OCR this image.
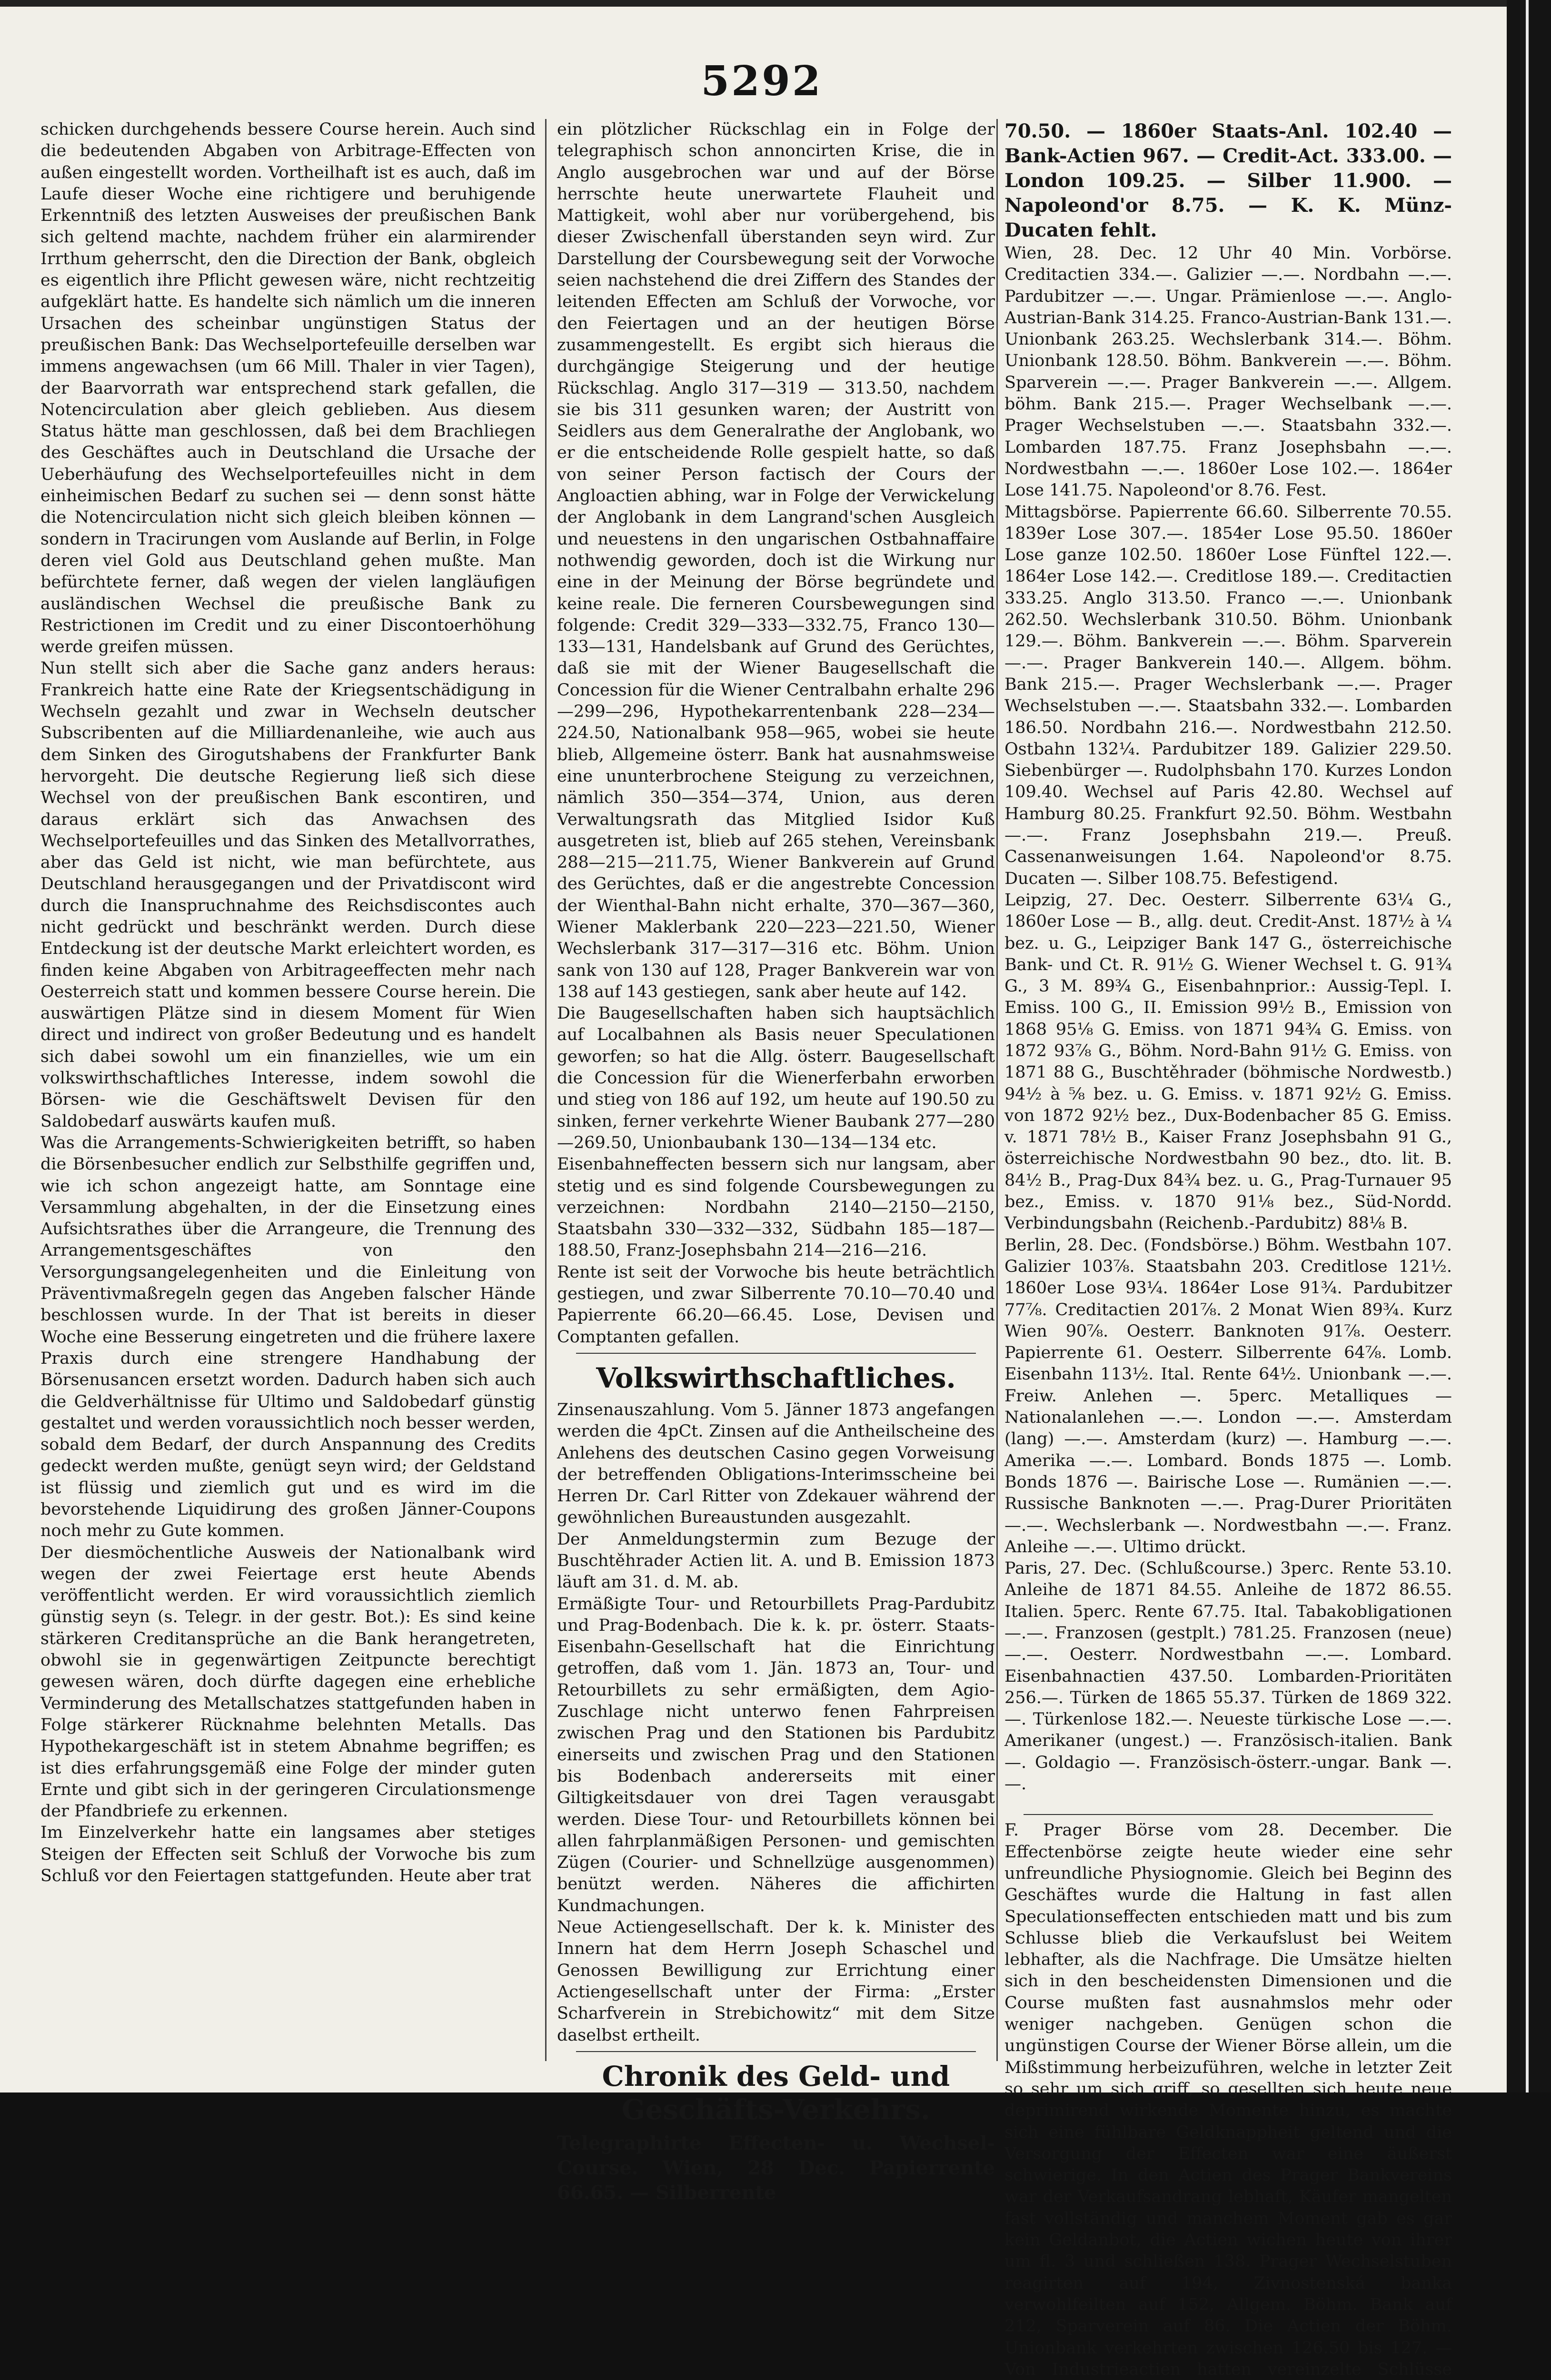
5292

schicken durchgehends bessere Course herein. Auch sind die bedeutenden Abgaben von Arbitrage-Effecten von außen eingestellt worden. Vortheilhaft ist es auch, daß im Laufe dieser Woche eine richtigere und beruhigende Erkenntniß des letzten Ausweises der preußischen Bank sich geltend machte, nachdem früher ein alarmirender Irrthum geherrscht, den die Direction der Bank, obgleich es eigentlich ihre Pflicht gewesen wäre, nicht rechtzeitig aufgeklärt hatte. Es handelte sich nämlich um die inneren Ursachen des scheinbar ungünstigen Status der preußischen Bank: Das Wechselportefeuille derselben war immens angewachsen (um 66 Mill. Thaler in vier Tagen), der Baarvorrath war entsprechend stark gefallen, die Notencirculation aber gleich geblieben. Aus diesem Status hätte man geschlossen, daß bei dem Brachliegen des Geschäftes auch in Deutschland die Ursache der Ueberhäufung des Wechselportefeuilles nicht in dem einheimischen Bedarf zu suchen sei — denn sonst hätte die Notencirculation nicht sich gleich bleiben können — sondern in Tracirungen vom Auslande auf Berlin, in Folge deren viel Gold aus Deutschland gehen mußte. Man befürchtete ferner, daß wegen der vielen langläufigen ausländischen Wechsel die preußische Bank zu Restrictionen im Credit und zu einer Discontoerhöhung werde greifen müssen.

Nun stellt sich aber die Sache ganz anders heraus: Frankreich hatte eine Rate der Kriegsentschädigung in Wechseln gezahlt und zwar in Wechseln deutscher Subscribenten auf die Milliardenanleihe, wie auch aus dem Sinken des Girogutshabens der Frankfurter Bank hervorgeht. Die deutsche Regierung ließ sich diese Wechsel von der preußischen Bank escontiren, und daraus erklärt sich das Anwachsen des Wechselportefeuilles und das Sinken des Metallvorrathes, aber das Geld ist nicht, wie man befürchtete, aus Deutschland herausgegangen und der Privatdiscont wird durch die Inanspruchnahme des Reichsdiscontes auch nicht gedrückt und beschränkt werden. Durch diese Entdeckung ist der deutsche Markt erleichtert worden, es finden keine Abgaben von Arbitrageeffecten mehr nach Oesterreich statt und kommen bessere Course herein. Die auswärtigen Plätze sind in diesem Moment für Wien direct und indirect von großer Bedeutung und es handelt sich dabei sowohl um ein finanzielles, wie um ein volkswirthschaftliches Interesse, indem sowohl die Börsen- wie die Geschäftswelt Devisen für den Saldobedarf auswärts kaufen muß.

Was die Arrangements-Schwierigkeiten betrifft, so haben die Börsenbesucher endlich zur Selbsthilfe gegriffen und, wie ich schon angezeigt hatte, am Sonntage eine Versammlung abgehalten, in der die Einsetzung eines Aufsichtsrathes über die Arrangeure, die Trennung des Arrangementsgeschäftes von den Versorgungsangelegenheiten und die Einleitung von Präventivmaßregeln gegen das Angeben falscher Hände beschlossen wurde. In der That ist bereits in dieser Woche eine Besserung eingetreten und die frühere laxere Praxis durch eine strengere Handhabung der Börsenusancen ersetzt worden. Dadurch haben sich auch die Geldverhältnisse für Ultimo und Saldobedarf günstig gestaltet und werden voraussichtlich noch besser werden, sobald dem Bedarf, der durch Anspannung des Credits gedeckt werden mußte, genügt seyn wird; der Geldstand ist flüssig und ziemlich gut und es wird im die bevorstehende Liquidirung des großen Jänner-Coupons noch mehr zu Gute kommen.

Der diesmöchentliche Ausweis der Nationalbank wird wegen der zwei Feiertage erst heute Abends veröffentlicht werden. Er wird voraussichtlich ziemlich günstig seyn (s. Telegr. in der gestr. Bot.): Es sind keine stärkeren Creditansprüche an die Bank herangetreten, obwohl sie in gegenwärtigen Zeitpuncte berechtigt gewesen wären, doch dürfte dagegen eine erhebliche Verminderung des Metallschatzes stattgefunden haben in Folge stärkerer Rücknahme belehnten Metalls. Das Hypothekargeschäft ist in stetem Abnahme begriffen; es ist dies erfahrungsgemäß eine Folge der minder guten Ernte und gibt sich in der geringeren Circulationsmenge der Pfandbriefe zu erkennen.

Im Einzelverkehr hatte ein langsames aber stetiges Steigen der Effecten seit Schluß der Vorwoche bis zum Schluß vor den Feiertagen stattgefunden. Heute aber trat

ein plötzlicher Rückschlag ein in Folge der telegraphisch schon annoncirten Krise, die in Anglo ausgebrochen war und auf der Börse herrschte heute unerwartete Flauheit und Mattigkeit, wohl aber nur vorübergehend, bis dieser Zwischenfall überstanden seyn wird. Zur Darstellung der Coursbewegung seit der Vorwoche seien nachstehend die drei Ziffern des Standes der leitenden Effecten am Schluß der Vorwoche, vor den Feiertagen und an der heutigen Börse zusammengestellt. Es ergibt sich hieraus die durchgängige Steigerung und der heutige Rückschlag. Anglo 317—319 — 313.50, nachdem sie bis 311 gesunken waren; der Austritt von Seidlers aus dem Generalrathe der Anglobank, wo er die entscheidende Rolle gespielt hatte, so daß von seiner Person factisch der Cours der Angloactien abhing, war in Folge der Verwickelung der Anglobank in dem Langrand'schen Ausgleich und neuestens in den ungarischen Ostbahnaffaire nothwendig geworden, doch ist die Wirkung nur eine in der Meinung der Börse begründete und keine reale. Die ferneren Coursbewegungen sind folgende: Credit 329—333—332.75, Franco 130—133—131, Handelsbank auf Grund des Gerüchtes, daß sie mit der Wiener Baugesellschaft die Concession für die Wiener Centralbahn erhalte 296—299—296, Hypothekarrentenbank 228—234—224.50, Nationalbank 958—965, wobei sie heute blieb, Allgemeine österr. Bank hat ausnahmsweise eine ununterbrochene Steigung zu verzeichnen, nämlich 350—354—374, Union, aus deren Verwaltungsrath das Mitglied Isidor Kuß ausgetreten ist, blieb auf 265 stehen, Vereinsbank 288—215—211.75, Wiener Bankverein auf Grund des Gerüchtes, daß er die angestrebte Concession der Wienthal-Bahn nicht erhalte, 370—367—360, Wiener Maklerbank 220—223—221.50, Wiener Wechslerbank 317—317—316 etc. Böhm. Union sank von 130 auf 128, Prager Bankverein war von 138 auf 143 gestiegen, sank aber heute auf 142.

Die Baugesellschaften haben sich hauptsächlich auf Localbahnen als Basis neuer Speculationen geworfen; so hat die Allg. österr. Baugesellschaft die Concession für die Wienerferbahn erworben und stieg von 186 auf 192, um heute auf 190.50 zu sinken, ferner verkehrte Wiener Baubank 277—280—269.50, Unionbaubank 130—134—134 etc.

Eisenbahneffecten bessern sich nur langsam, aber stetig und es sind folgende Coursbewegungen zu verzeichnen: Nordbahn 2140—2150—2150, Staatsbahn 330—332—332, Südbahn 185—187—188.50, Franz-Josephsbahn 214—216—216.

Rente ist seit der Vorwoche bis heute beträchtlich gestiegen, und zwar Silberrente 70.10—70.40 und Papierrente 66.20—66.45. Lose, Devisen und Comptanten gefallen.

Volkswirthschaftliches.

Zinsenauszahlung. Vom 5. Jänner 1873 angefangen werden die 4pCt. Zinsen auf die Antheilscheine des Anlehens des deutschen Casino gegen Vorweisung der betreffenden Obligations-Interimsscheine bei Herren Dr. Carl Ritter von Zdekauer während der gewöhnlichen Bureaustunden ausgezahlt.

Der Anmeldungstermin zum Bezuge der Buschtěhrader Actien lit. A. und B. Emission 1873 läuft am 31. d. M. ab.

Ermäßigte Tour- und Retourbillets Prag-Pardubitz und Prag-Bodenbach. Die k. k. pr. österr. Staats-Eisenbahn-Gesellschaft hat die Einrichtung getroffen, daß vom 1. Jän. 1873 an, Tour- und Retourbillets zu sehr ermäßigten, dem Agio-Zuschlage nicht unterwo fenen Fahrpreisen zwischen Prag und den Stationen bis Pardubitz einerseits und zwischen Prag und den Stationen bis Bodenbach andererseits mit einer Giltigkeitsdauer von drei Tagen verausgabt werden. Diese Tour- und Retourbillets können bei allen fahrplanmäßigen Personen- und gemischten Zügen (Courier- und Schnellzüge ausgenommen) benützt werden. Näheres die affichirten Kundmachungen.

Neue Actiengesellschaft. Der k. k. Minister des Innern hat dem Herrn Joseph Schaschel und Genossen Bewilligung zur Errichtung einer Actiengesellschaft unter der Firma: „Erster Scharfverein in Strebichowitz“ mit dem Sitze daselbst ertheilt.

Chronik des Geld- und Geschäfts-Verkehrs.

Telegraphirte Effecten- u. Wechsel-Course. Wien, 28 Dec. Papierrente 66.65. — Silberrente

70.50. — 1860er Staats-Anl. 102.40 — Bank-Actien 967. — Credit-Act. 333.00. — London 109.25. — Silber 11.900. — Napoleond'or 8.75. — K. K. Münz-Ducaten fehlt.

Wien, 28. Dec. 12 Uhr 40 Min. Vorbörse. Creditactien 334.—. Galizier —.—. Nordbahn —.—. Pardubitzer —.—. Ungar. Prämienlose —.—. Anglo-Austrian-Bank 314.25. Franco-Austrian-Bank 131.—. Unionbank 263.25. Wechslerbank 314.—. Böhm. Unionbank 128.50. Böhm. Bankverein —.—. Böhm. Sparverein —.—. Prager Bankverein —.—. Allgem. böhm. Bank 215.—. Prager Wechselbank —.—. Prager Wechselstuben —.—. Staatsbahn 332.—. Lombarden 187.75. Franz Josephsbahn —.—. Nordwestbahn —.—. 1860er Lose 102.—. 1864er Lose 141.75. Napoleond'or 8.76. Fest.

Mittagsbörse. Papierrente 66.60. Silberrente 70.55. 1839er Lose 307.—. 1854er Lose 95.50. 1860er Lose ganze 102.50. 1860er Lose Fünftel 122.—. 1864er Lose 142.—. Creditlose 189.—. Creditactien 333.25. Anglo 313.50. Franco —.—. Unionbank 262.50. Wechslerbank 310.50. Böhm. Unionbank 129.—. Böhm. Bankverein —.—. Böhm. Sparverein —.—. Prager Bankverein 140.—. Allgem. böhm. Bank 215.—. Prager Wechslerbank —.—. Prager Wechselstuben —.—. Staatsbahn 332.—. Lombarden 186.50. Nordbahn 216.—. Nordwestbahn 212.50. Ostbahn 132¼. Pardubitzer 189. Galizier 229.50. Siebenbürger —. Rudolphsbahn 170. Kurzes London 109.40. Wechsel auf Paris 42.80. Wechsel auf Hamburg 80.25. Frankfurt 92.50. Böhm. Westbahn —.—. Franz Josephsbahn 219.—. Preuß. Cassenanweisungen 1.64. Napoleond'or 8.75. Ducaten —. Silber 108.75. Befestigend.

Leipzig, 27. Dec. Oesterr. Silberrente 63¼ G., 1860er Lose — B., allg. deut. Credit-Anst. 187½ à ¼ bez. u. G., Leipziger Bank 147 G., österreichische Bank- und Ct. R. 91½ G. Wiener Wechsel t. G. 91¾ G., 3 M. 89¾ G., Eisenbahnprior.: Aussig-Tepl. I. Emiss. 100 G., II. Emission 99½ B., Emission von 1868 95⅛ G. Emiss. von 1871 94¾ G. Emiss. von 1872 93⅞ G., Böhm. Nord-Bahn 91½ G. Emiss. von 1871 88 G., Buschtěhrader (böhmische Nordwestb.) 94½ à ⅝ bez. u. G. Emiss. v. 1871 92½ G. Emiss. von 1872 92½ bez., Dux-Bodenbacher 85 G. Emiss. v. 1871 78½ B., Kaiser Franz Josephsbahn 91 G., österreichische Nordwestbahn 90 bez., dto. lit. B. 84½ B., Prag-Dux 84¾ bez. u. G., Prag-Turnauer 95 bez., Emiss. v. 1870 91⅛ bez., Süd-Nordd. Verbindungsbahn (Reichenb.-Pardubitz) 88⅛ B.

Berlin, 28. Dec. (Fondsbörse.) Böhm. Westbahn 107. Galizier 103⅞. Staatsbahn 203. Creditlose 121½. 1860er Lose 93¼. 1864er Lose 91¾. Pardubitzer 77⅞. Creditactien 201⅞. 2 Monat Wien 89¾. Kurz Wien 90⅞. Oesterr. Banknoten 91⅞. Oesterr. Papierrente 61. Oesterr. Silberrente 64⅞. Lomb. Eisenbahn 113½. Ital. Rente 64½. Unionbank —.—. Freiw. Anlehen —. 5perc. Metalliques — Nationalanlehen —.—. London —.—. Amsterdam (lang) —.—. Amsterdam (kurz) —. Hamburg —.—. Amerika —.—. Lombard. Bonds 1875 —. Lomb. Bonds 1876 —. Bairische Lose —. Rumänien —.—. Russische Banknoten —.—. Prag-Durer Prioritäten —.—. Wechslerbank —. Nordwestbahn —.—. Franz. Anleihe —.—. Ultimo drückt.

Paris, 27. Dec. (Schlußcourse.) 3perc. Rente 53.10. Anleihe de 1871 84.55. Anleihe de 1872 86.55. Italien. 5perc. Rente 67.75. Ital. Tabakobligationen —.—. Franzosen (gestplt.) 781.25. Franzosen (neue) —.—. Oesterr. Nordwestbahn —.—. Lombard. Eisenbahnactien 437.50. Lombarden-Prioritäten 256.—. Türken de 1865 55.37. Türken de 1869 322.—. Türkenlose 182.—. Neueste türkische Lose —.—. Amerikaner (ungest.) —. Französisch-italien. Bank —. Goldagio —. Französisch-österr.-ungar. Bank —.—.

F. Prager Börse vom 28. December. Die Effectenbörse zeigte heute wieder eine sehr unfreundliche Physiognomie. Gleich bei Beginn des Geschäftes wurde die Haltung in fast allen Speculationseffecten entschieden matt und bis zum Schlusse blieb die Verkaufslust bei Weitem lebhafter, als die Nachfrage. Die Umsätze hielten sich in den bescheidensten Dimensionen und die Course mußten fast ausnahmslos mehr oder weniger nachgeben. Genügen schon die ungünstigen Course der Wiener Börse allein, um die Mißstimmung herbeizuführen, welche in letzter Zeit so sehr um sich griff, so gesellten sich heute neue deprimirend wirkende Momente hinzu, es machte sich eine fühlbare Geldknappheit geltend und die Versorgung der Effecten war eine äußerst schwierige. In den Actien des Prager Bankvereins war der Verkaufsandrang lebhaft, Käufer mangelten fast vollständig und manchem Moment gab es gar kein Geldanbot, die Actien wichen heute von ihrer um fl. 3 und schließen 138. Prager Wechselstuben reagirten auf 194, Zivnostenská banka verwohlfeilten auf 152, Allgem. Böhm. Bank auf 212, Sparverein auf 86. Die Actien der Böhm. Unionbank verkehrten zwischen 126.50 bis 127. — Von Industrieactien hatten vereinzelte Schlüsse
